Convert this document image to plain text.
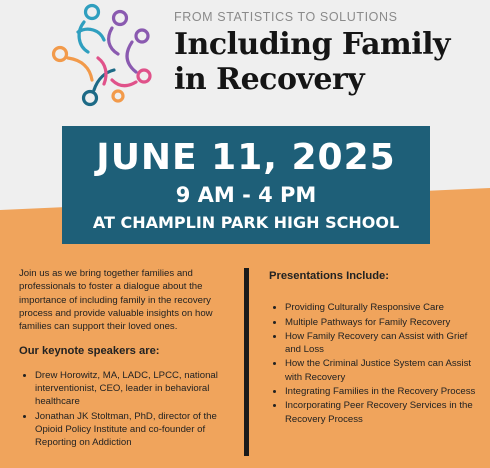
FROM STATISTICS TO SOLUTIONS
Including Family
in Recovery
JUNE 11, 2025
9 AM - 4 PM
AT CHAMPLIN PARK HIGH SCHOOL

Join us as we bring together families and professionals to foster a dialogue about the importance of including family in the recovery process and provide valuable insights on how families can support their loved ones.

Our keynote speakers are:
• Drew Horowitz, MA, LADC, LPCC, national interventionist, CEO, leader in behavioral healthcare
• Jonathan JK Stoltman, PhD, director of the Opioid Policy Institute and co-founder of Reporting on Addiction
Presentations Include:
• Providing Culturally Responsive Care
• Multiple Pathways for Family Recovery
• How Family Recovery can Assist with Grief and Loss
• How the Criminal Justice System can Assist with Recovery
• Integrating Families in the Recovery Process
• Incorporating Peer Recovery Services in the Recovery Process
